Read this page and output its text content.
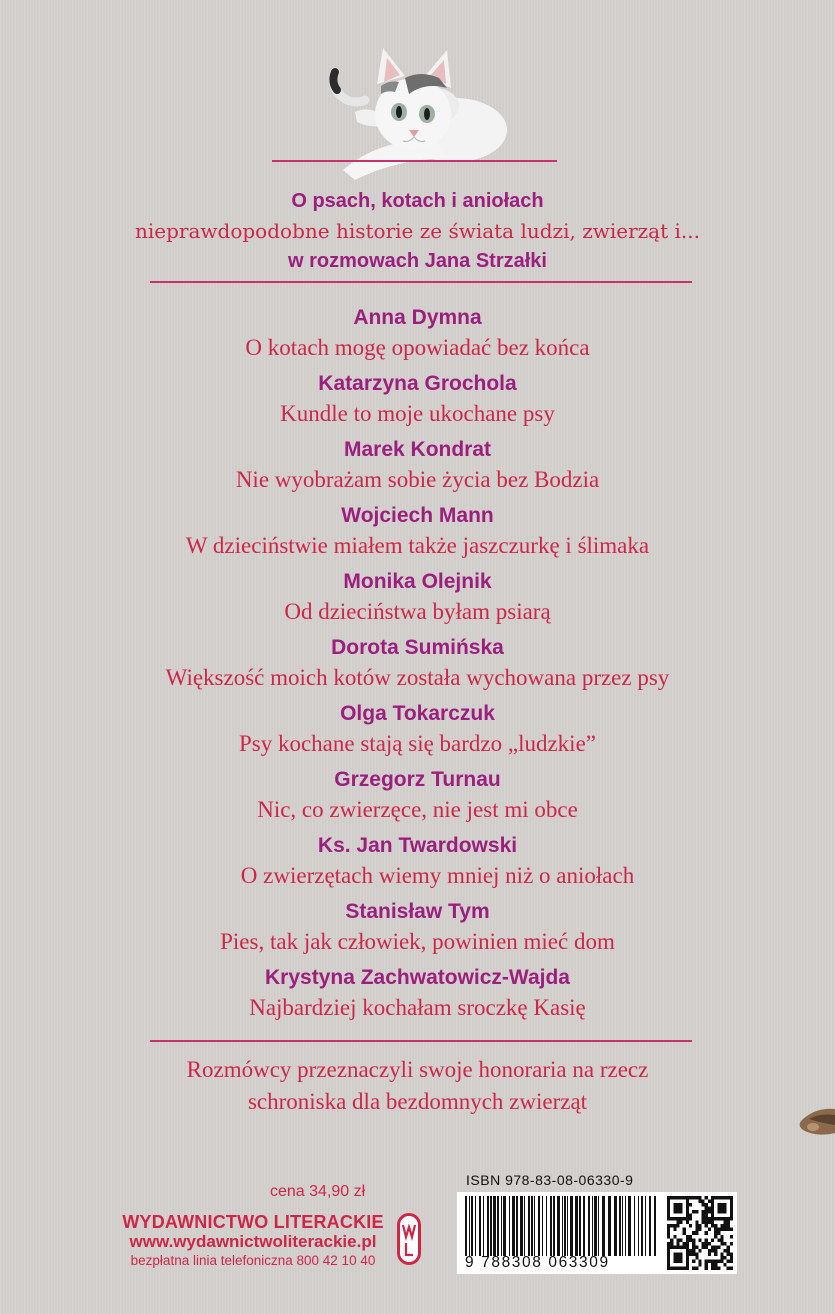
O psach, kotach i aniołach
nieprawdopodobne historie ze świata ludzi, zwierząt i...
w rozmowach Jana Strzałki
Anna Dymna
O kotach mogę opowiadać bez końca
Katarzyna Grochola
Kundle to moje ukochane psy
Marek Kondrat
Nie wyobrażam sobie życia bez Bodzia
Wojciech Mann
W dzieciństwie miałem także jaszczurkę i ślimaka
Monika Olejnik
Od dzieciństwa byłam psiarą
Dorota Sumińska
Większość moich kotów została wychowana przez psy
Olga Tokarczuk
Psy kochane stają się bardzo „ludzkie”
Grzegorz Turnau
Nic, co zwierzęce, nie jest mi obce
Ks. Jan Twardowski
O zwierzętach wiemy mniej niż o aniołach
Stanisław Tym
Pies, tak jak człowiek, powinien mieć dom
Krystyna Zachwatowicz-Wajda
Najbardziej kochałam sroczkę Kasię
Rozmówcy przeznaczyli swoje honoraria na rzecz
schroniska dla bezdomnych zwierząt
cena 34,90 zł
WYDAWNICTWO LITERACKIE
www.wydawnictwoliterackie.pl
bezpłatna linia telefoniczna 800 42 10 40
ISBN 978-83-08-06330-9
9 788308 063309
